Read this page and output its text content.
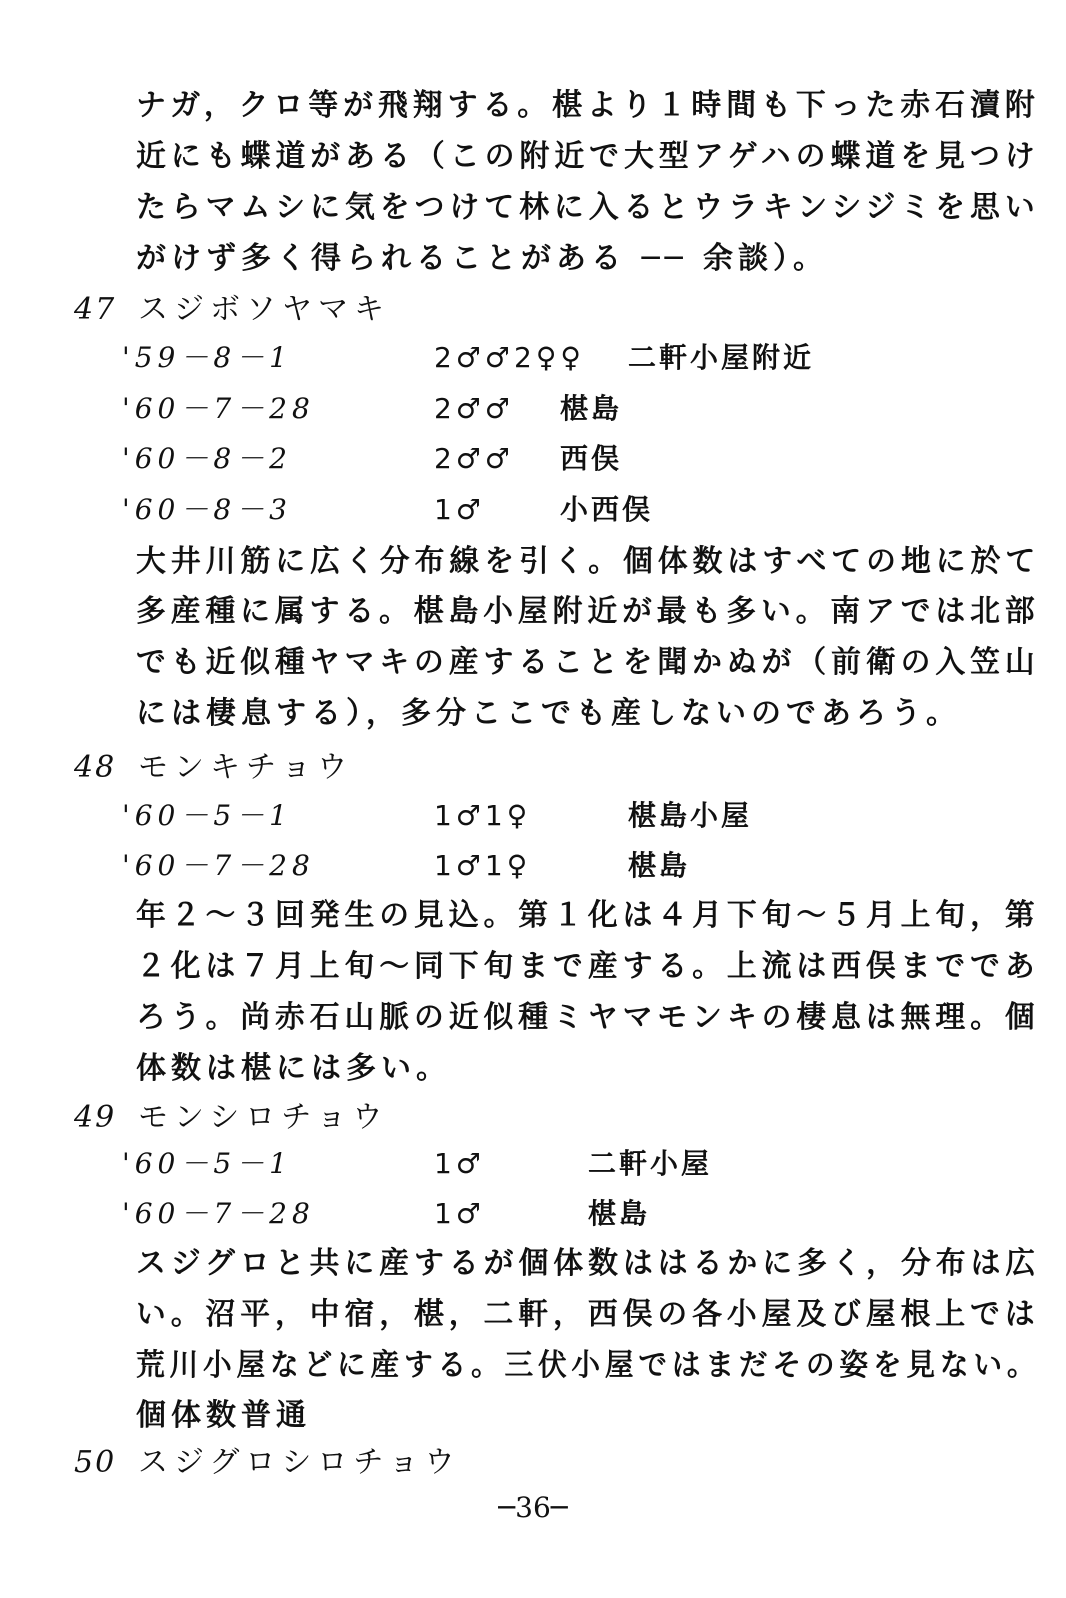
ナガ，クロ等が飛翔する。椹より１時間も下った赤石瀆附
近にも蝶道がある（この附近で大型アゲハの蝶道を見つけ
たらマムシに気をつけて林に入るとウラキンシジミを思い
がけず多く得られることがある ── 余談）。
47 スジボソヤマキ
'59－8－1	2♂♂2♀♀ 二軒小屋附近
'60－7－28	2♂♂ 椹島
'60－8－2	2♂♂ 西俣
'60－8－3	1♂	小西俣
大井川筋に広く分布線を引く。個体数はすべての地に於て
多産種に属する。椹島小屋附近が最も多い。南アでは北部
でも近似種ヤマキの産することを聞かぬが（前衛の入笠山
には棲息する），多分ここでも産しないのであろう。
48 モンキチョウ
'60－5－1	1♂1♀	椹島小屋
'60－7－28	1♂1♀	椹島
年２～３回発生の見込。第１化は４月下旬～５月上旬，第
２化は７月上旬～同下旬まで産する。上流は西俣までであ
ろう。尚赤石山脈の近似種ミヤマモンキの棲息は無理。個
体数は椹には多い。
49 モンシロチョウ
'60－5－1	1♂	二軒小屋
'60－7－28	1♂	椹島
スジグロと共に産するが個体数ははるかに多く，分布は広
い。沼平，中宿，椹，二軒，西俣の各小屋及び屋根上では
荒川小屋などに産する。三伏小屋ではまだその姿を見ない。
個体数普通
50 スジグロシロチョウ
─36─
